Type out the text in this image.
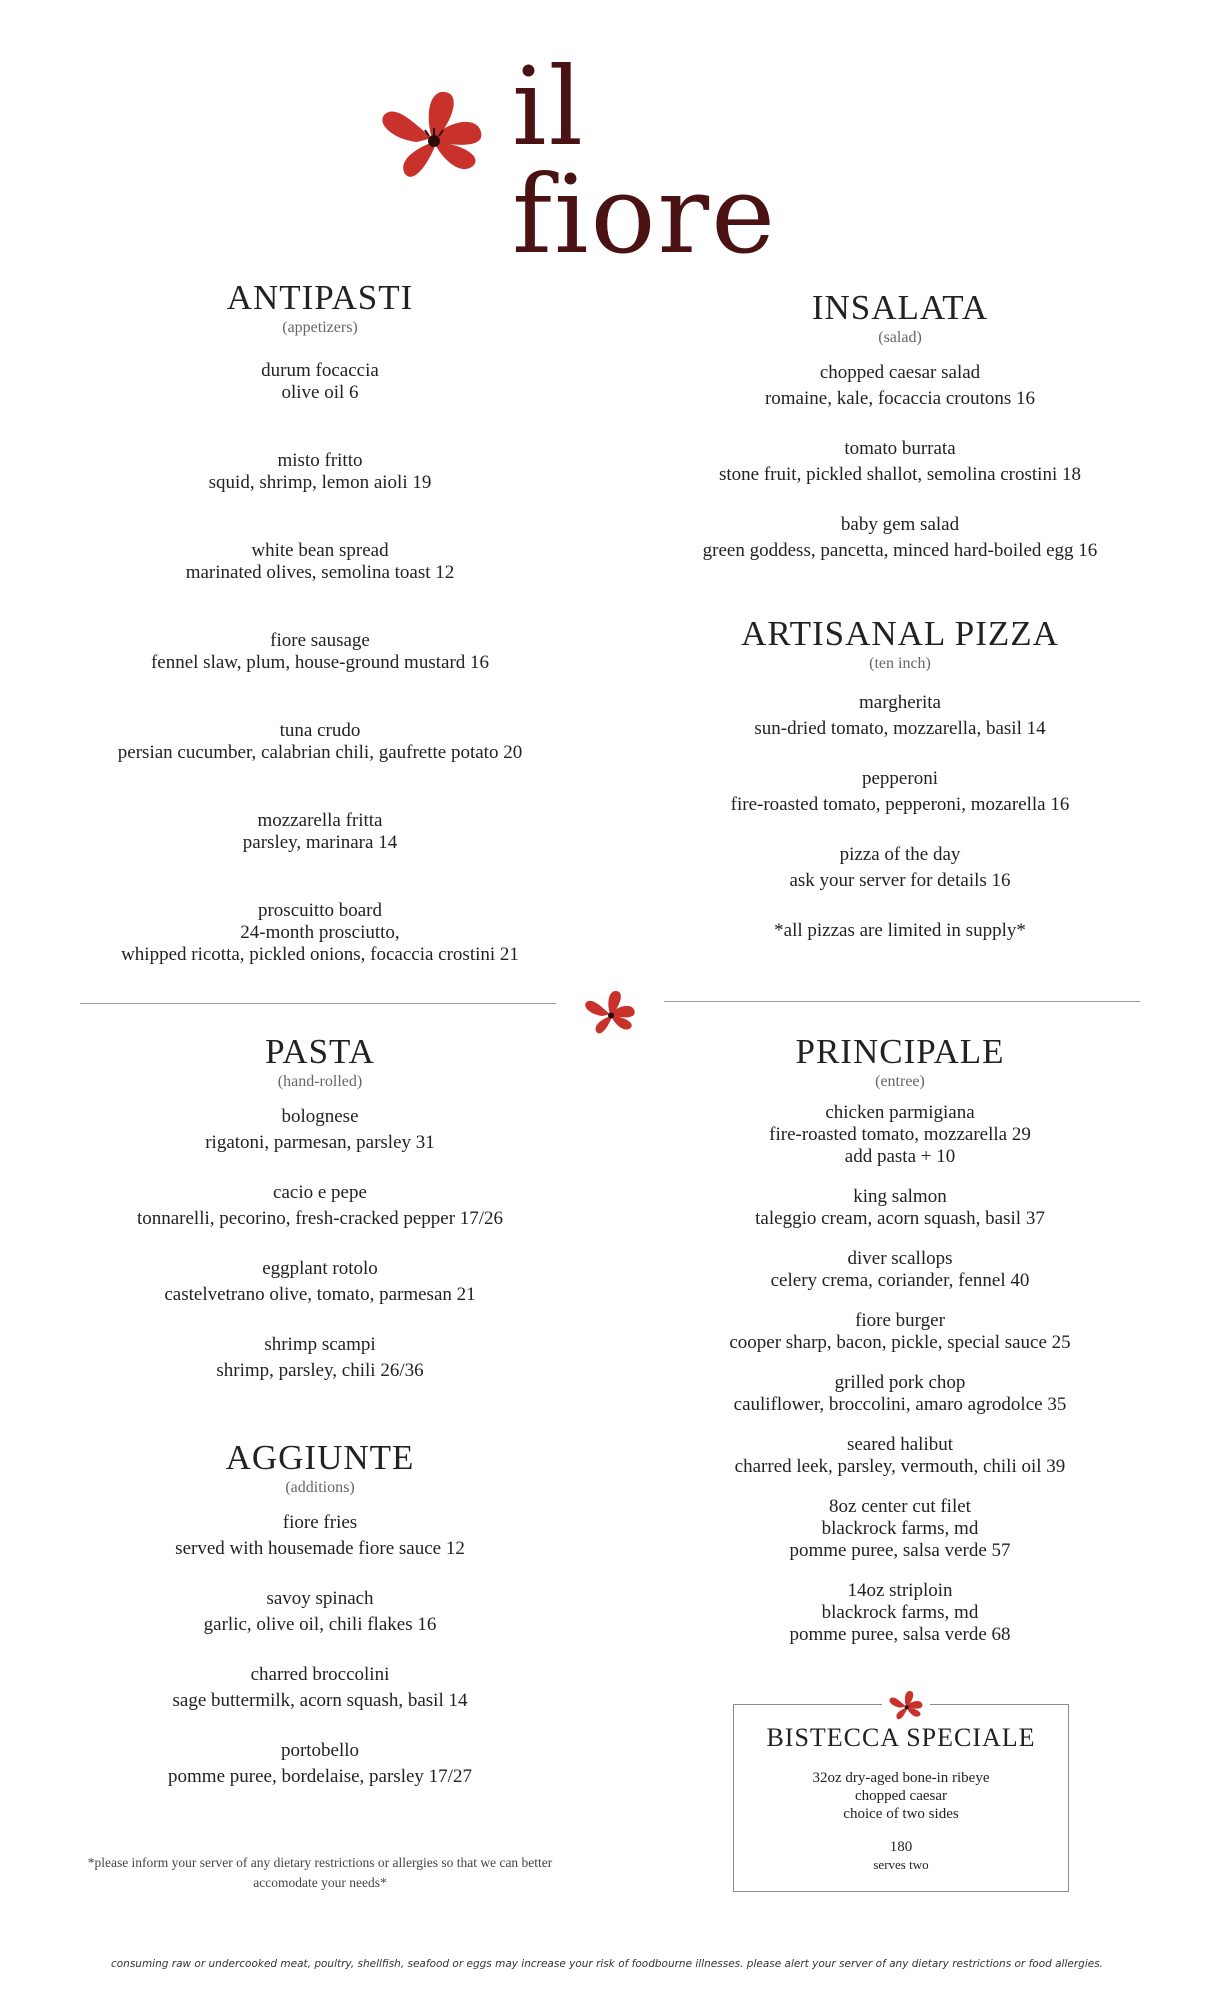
il fiore
ANTIPASTI
(appetizers)
durum focaccia
olive oil 6
misto fritto
squid, shrimp, lemon aioli 19
white bean spread
marinated olives, semolina toast 12
fiore sausage
fennel slaw, plum, house-ground mustard 16
tuna crudo
persian cucumber, calabrian chili, gaufrette potato 20
mozzarella fritta
parsley, marinara 14
proscuitto board
24-month prosciutto,
whipped ricotta, pickled onions, focaccia crostini 21
INSALATA
(salad)
chopped caesar salad
romaine, kale, focaccia croutons 16
tomato burrata
stone fruit, pickled shallot, semolina crostini 18
baby gem salad
green goddess, pancetta, minced hard-boiled egg 16
ARTISANAL PIZZA
(ten inch)
margherita
sun-dried tomato, mozzarella, basil 14
pepperoni
fire-roasted tomato, pepperoni, mozarella 16
pizza of the day
ask your server for details 16
*all pizzas are limited in supply*
PASTA
(hand-rolled)
bolognese
rigatoni, parmesan, parsley 31
cacio e pepe
tonnarelli, pecorino, fresh-cracked pepper 17/26
eggplant rotolo
castelvetrano olive, tomato, parmesan 21
shrimp scampi
shrimp, parsley, chili 26/36
AGGIUNTE
(additions)
fiore fries
served with housemade fiore sauce 12
savoy spinach
garlic, olive oil, chili flakes 16
charred broccolini
sage buttermilk, acorn squash, basil 14
portobello
pomme puree, bordelaise, parsley 17/27
PRINCIPALE
(entree)
chicken parmigiana
fire-roasted tomato, mozzarella 29
add pasta + 10
king salmon
taleggio cream, acorn squash, basil 37
diver scallops
celery crema, coriander, fennel 40
fiore burger
cooper sharp, bacon, pickle, special sauce 25
grilled pork chop
cauliflower, broccolini, amaro agrodolce 35
seared halibut
charred leek, parsley, vermouth, chili oil 39
8oz center cut filet
blackrock farms, md
pomme puree, salsa verde 57
14oz striploin
blackrock farms, md
pomme puree, salsa verde 68
BISTECCA SPECIALE
32oz dry-aged bone-in ribeye
chopped caesar
choice of two sides
180
serves two
*please inform your server of any dietary restrictions or allergies so that we can better accomodate your needs*
consuming raw or undercooked meat, poultry, shellfish, seafood or eggs may increase your risk of foodbourne illnesses. please alert your server of any dietary restrictions or food allergies.
